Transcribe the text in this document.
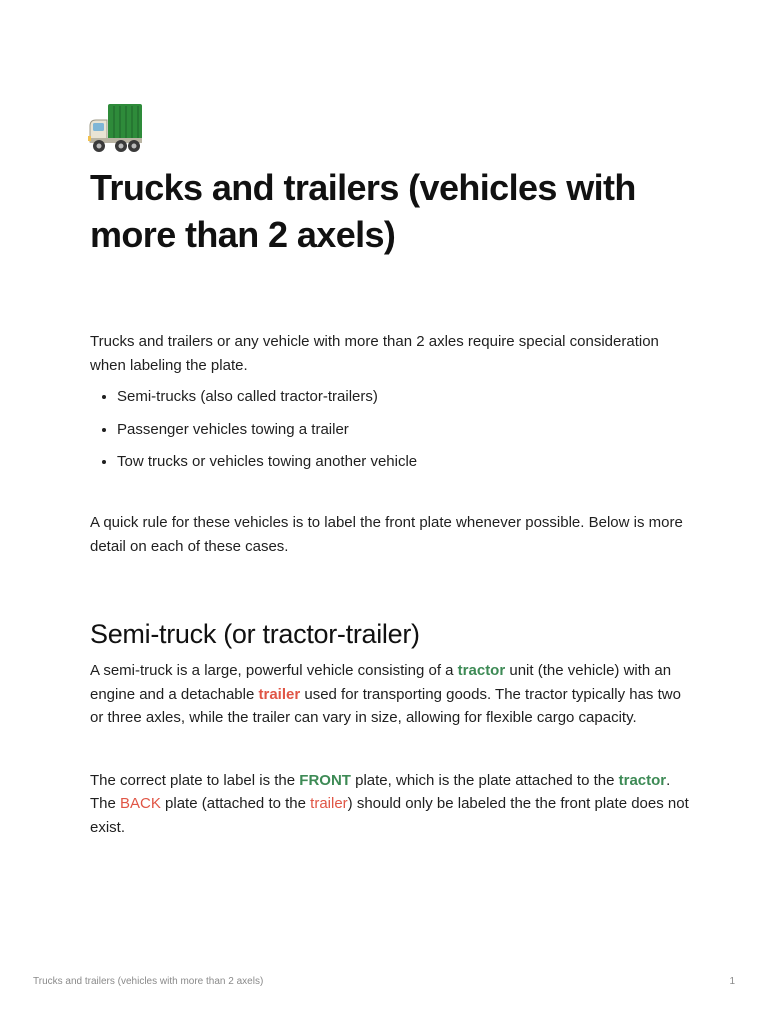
Trucks and trailers (vehicles with more than 2 axels)

Trucks and trailers or any vehicle with more than 2 axles require special consideration when labeling the plate.

• Semi-trucks (also called tractor-trailers)
• Passenger vehicles towing a trailer
• Tow trucks or vehicles towing another vehicle

A quick rule for these vehicles is to label the front plate whenever possible. Below is more detail on each of these cases.

Semi-truck (or tractor-trailer)

A semi-truck is a large, powerful vehicle consisting of a tractor unit (the vehicle) with an engine and a detachable trailer used for transporting goods. The tractor typically has two or three axles, while the trailer can vary in size, allowing for flexible cargo capacity.

The correct plate to label is the FRONT plate, which is the plate attached to the tractor. The BACK plate (attached to the trailer) should only be labeled the the front plate does not exist.

Trucks and trailers (vehicles with more than 2 axels)	1
